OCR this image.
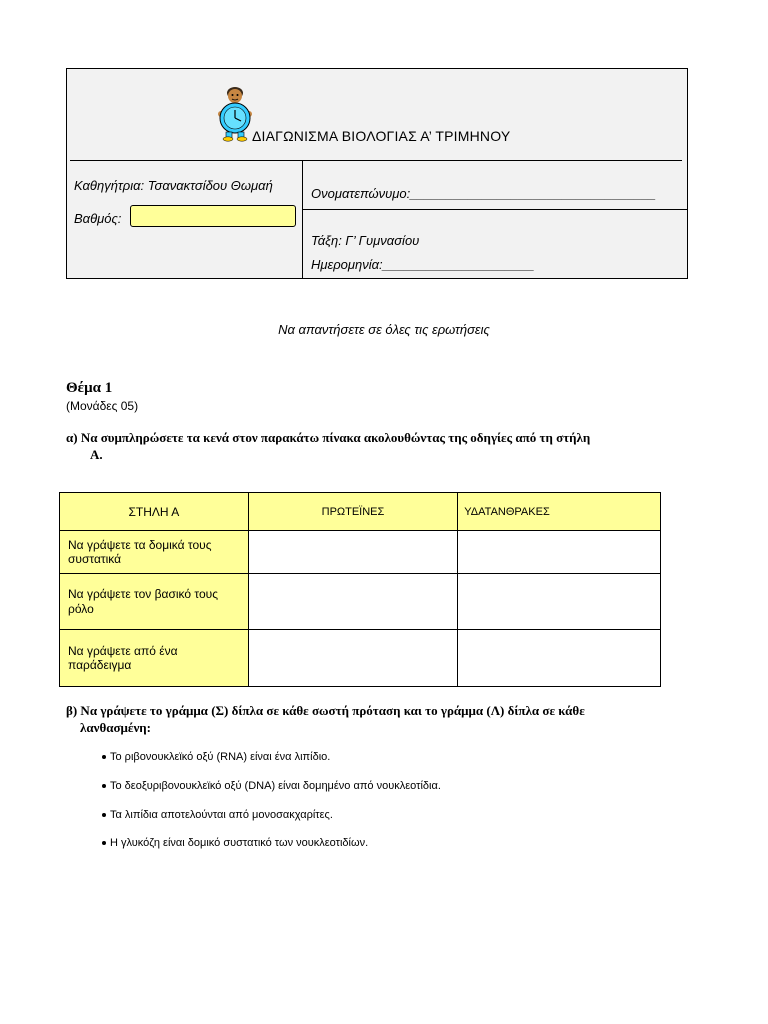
ΔΙΑΓΩΝΙΣΜΑ ΒΙΟΛΟΓΙΑΣ Α’ ΤΡΙΜΗΝΟΥ
Καθηγήτρια: Τσανακτσίδου Θωμαή
Βαθμός:
Ονοματεπώνυμο:__________________________________
Τάξη: Γ’ Γυμνασίου
Ημερομηνία:_____________________
Να απαντήσετε σε όλες τις ερωτήσεις
Θέμα 1
(Μονάδες 05)
α) Να συμπληρώσετε τα κενά στον παρακάτω πίνακα ακολουθώντας της οδηγίες από τη στήλη
Α.
ΣΤΗΛΗ Α	ΠΡΩΤΕΪΝΕΣ	ΥΔΑΤΑΝΘΡΑΚΕΣ

Να γράψετε τα δομικά τους
συστατικά		

Να γράψετε τον βασικό τους
ρόλο		

Να γράψετε από ένα
παράδειγμα		

β) Να γράψετε το γράμμα (Σ) δίπλα σε κάθε σωστή πρόταση και το γράμμα (Λ) δίπλα σε κάθε
λανθασμένη:
Το ριβονουκλεϊκό οξύ (RNA) είναι ένα λιπίδιο.
Το δεοξυριβονουκλεϊκό οξύ (DNA) είναι δομημένο από νουκλεοτίδια.
Τα λιπίδια αποτελούνται από μονοσακχαρίτες.
Η γλυκόζη είναι δομικό συστατικό των νουκλεοτιδίων.
